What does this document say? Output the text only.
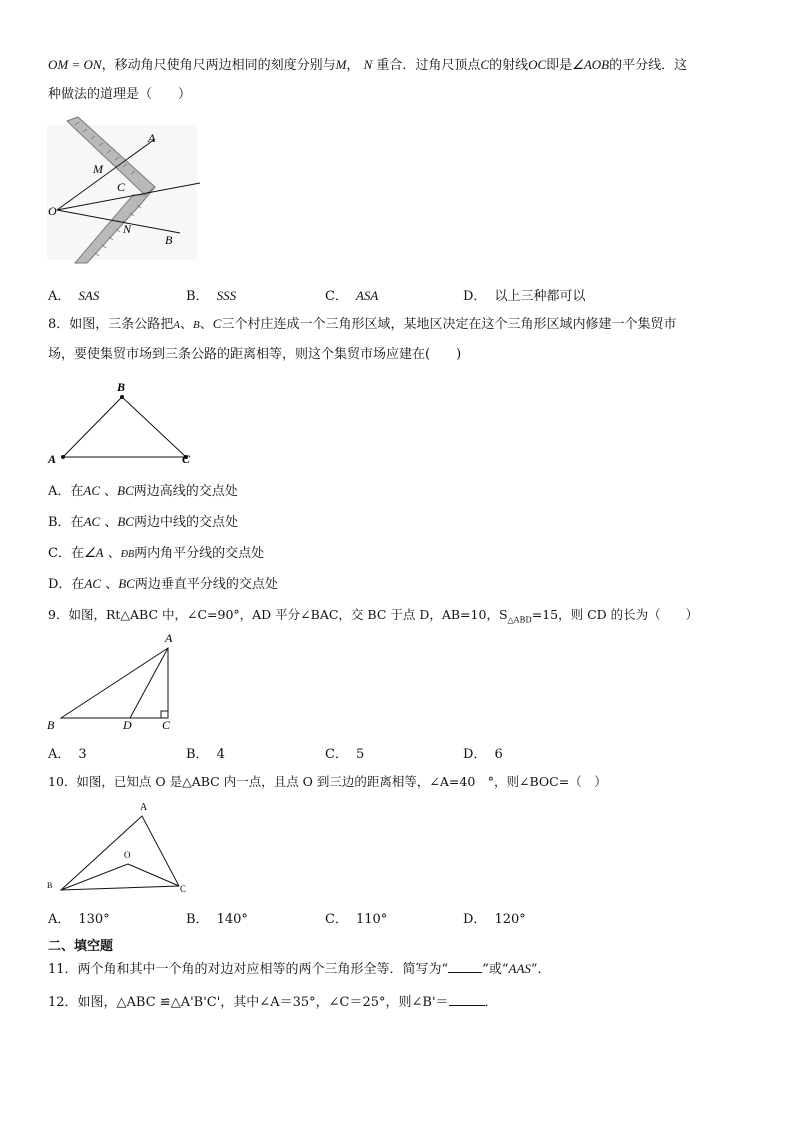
OM = ON，移动角尺使角尺两边相同的刻度分别与M， N 重合．过角尺顶点C的射线OC即是∠AOB的平分线．这
种做法的道理是（　　）
A
M
C
O
N
B
A． SAS	B． SSS	C． ASA	D． 以上三种都可以
8．如图，三条公路把A、B、C三个村庄连成一个三角形区域，某地区决定在这个三角形区域内修建一个集贸市
场，要使集贸市场到三条公路的距离相等，则这个集贸市场应建在(　　)
B
A	C
A．在AC 、BC两边高线的交点处
B．在AC 、BC两边中线的交点处
C．在∠A 、ÐB两内角平分线的交点处
D．在AC 、BC两边垂直平分线的交点处
9．如图，Rt△ABC 中，∠C=90°，AD 平分∠BAC，交 BC 于点 D，AB=10，$S_{\triangle ABD}=15$，则 CD 的长为（　　）
A
B	D	C
A． 3	B． 4	C． 5	D． 6
10．如图，已知点 O 是△ABC 内一点，且点 O 到三边的距离相等，∠A=40　°，则∠BOC=（　）
A
O
B	C
A． 130°	B． 140°	C． 110°	D． 120°
二、填空题
11．两个角和其中一个角的对边对应相等的两个三角形全等．简写为“	”或“AAS”．
12．如图，△ABC ≌△A'B'C'，其中∠A＝35°，∠C＝25°，则∠B'＝	．
